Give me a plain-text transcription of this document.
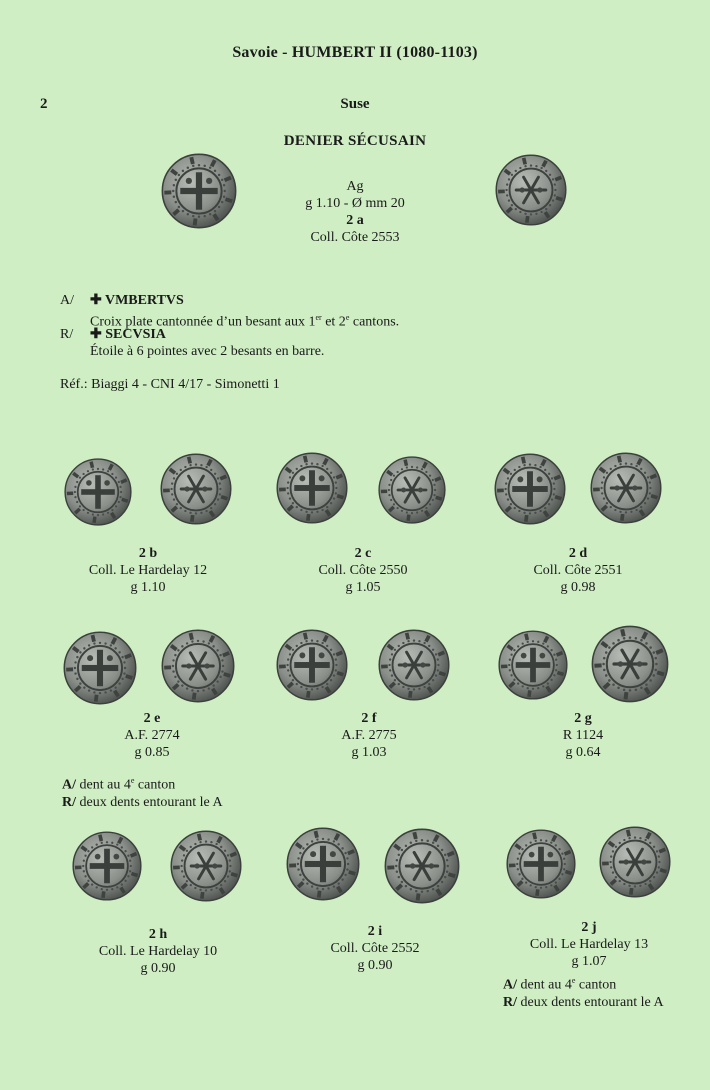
Savoie - HUMBERT II (1080-1103)
2	Suse
DENIER SÉCUSAIN
Ag
g 1.10 - Ø mm 20
2 a
Coll. Côte 2553
A/ ✚ VMBERTVS
Croix plate cantonnée d’un besant aux 1er et 2e cantons.
R/ ✚ SECVSIA
Étoile à 6 pointes avec 2 besants en barre.
Réf.: Biaggi 4 - CNI 4/17 - Simonetti 1
2 b
Coll. Le Hardelay 12
g 1.10
2 c
Coll. Côte 2550
g 1.05
2 d
Coll. Côte 2551
g 0.98
2 e
A.F. 2774
g 0.85
2 f
A.F. 2775
g 1.03
2 g
R 1124
g 0.64
A/ dent au 4e canton
R/ deux dents entourant le A
2 h
Coll. Le Hardelay 10
g 0.90
2 i
Coll. Côte 2552
g 0.90
2 j
Coll. Le Hardelay 13
g 1.07
A/ dent au 4e canton
R/ deux dents entourant le A
